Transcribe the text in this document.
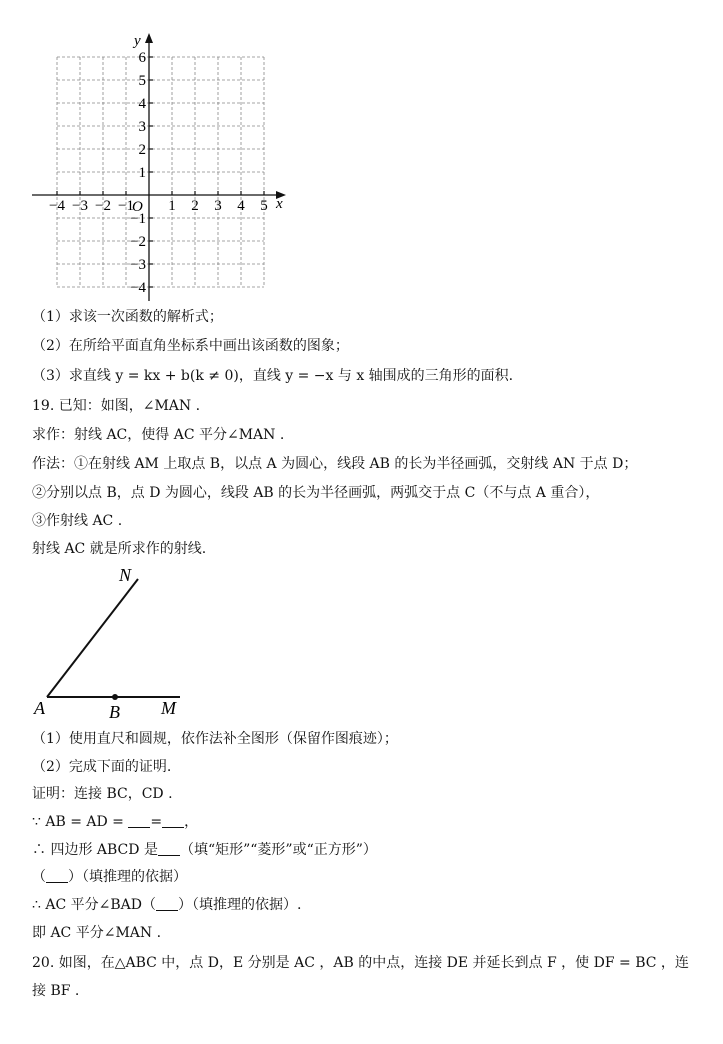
y
x
O
−4 −3 −2 −1 1 2 3 4 5
6
5
4
3
2
1
−1
−2
−3
−4
（1）求该一次函数的解析式；
（2）在所给平面直角坐标系中画出该函数的图象；
（3）求直线 y = kx + b(k ≠ 0)，直线 y = −x 与 x 轴围成的三角形的面积.
19. 已知：如图，∠MAN .
求作：射线 AC，使得 AC 平分∠MAN .
作法：①在射线 AM 上取点 B，以点 A 为圆心，线段 AB 的长为半径画弧，交射线 AN 于点 D；
②分别以点 B，点 D 为圆心，线段 AB 的长为半径画弧，两弧交于点 C（不与点 A 重合），
③作射线 AC .
射线 AC 就是所求作的射线.
N
A	B M
（1）使用直尺和圆规，依作法补全图形（保留作图痕迹）；
（2）完成下面的证明.
证明：连接 BC，CD .
∵ AB = AD = = ，
∴ 四边形 ABCD 是 （填“矩形”“菱形”或“正方形”）
（ ）（填推理的依据）
∴ AC 平分∠BAD（ ）（填推理的依据）.
即 AC 平分∠MAN .
20. 如图，在△ABC 中，点 D，E 分别是 AC ，AB 的中点，连接 DE 并延长到点 F ，使 DF = BC ，连
接 BF .
